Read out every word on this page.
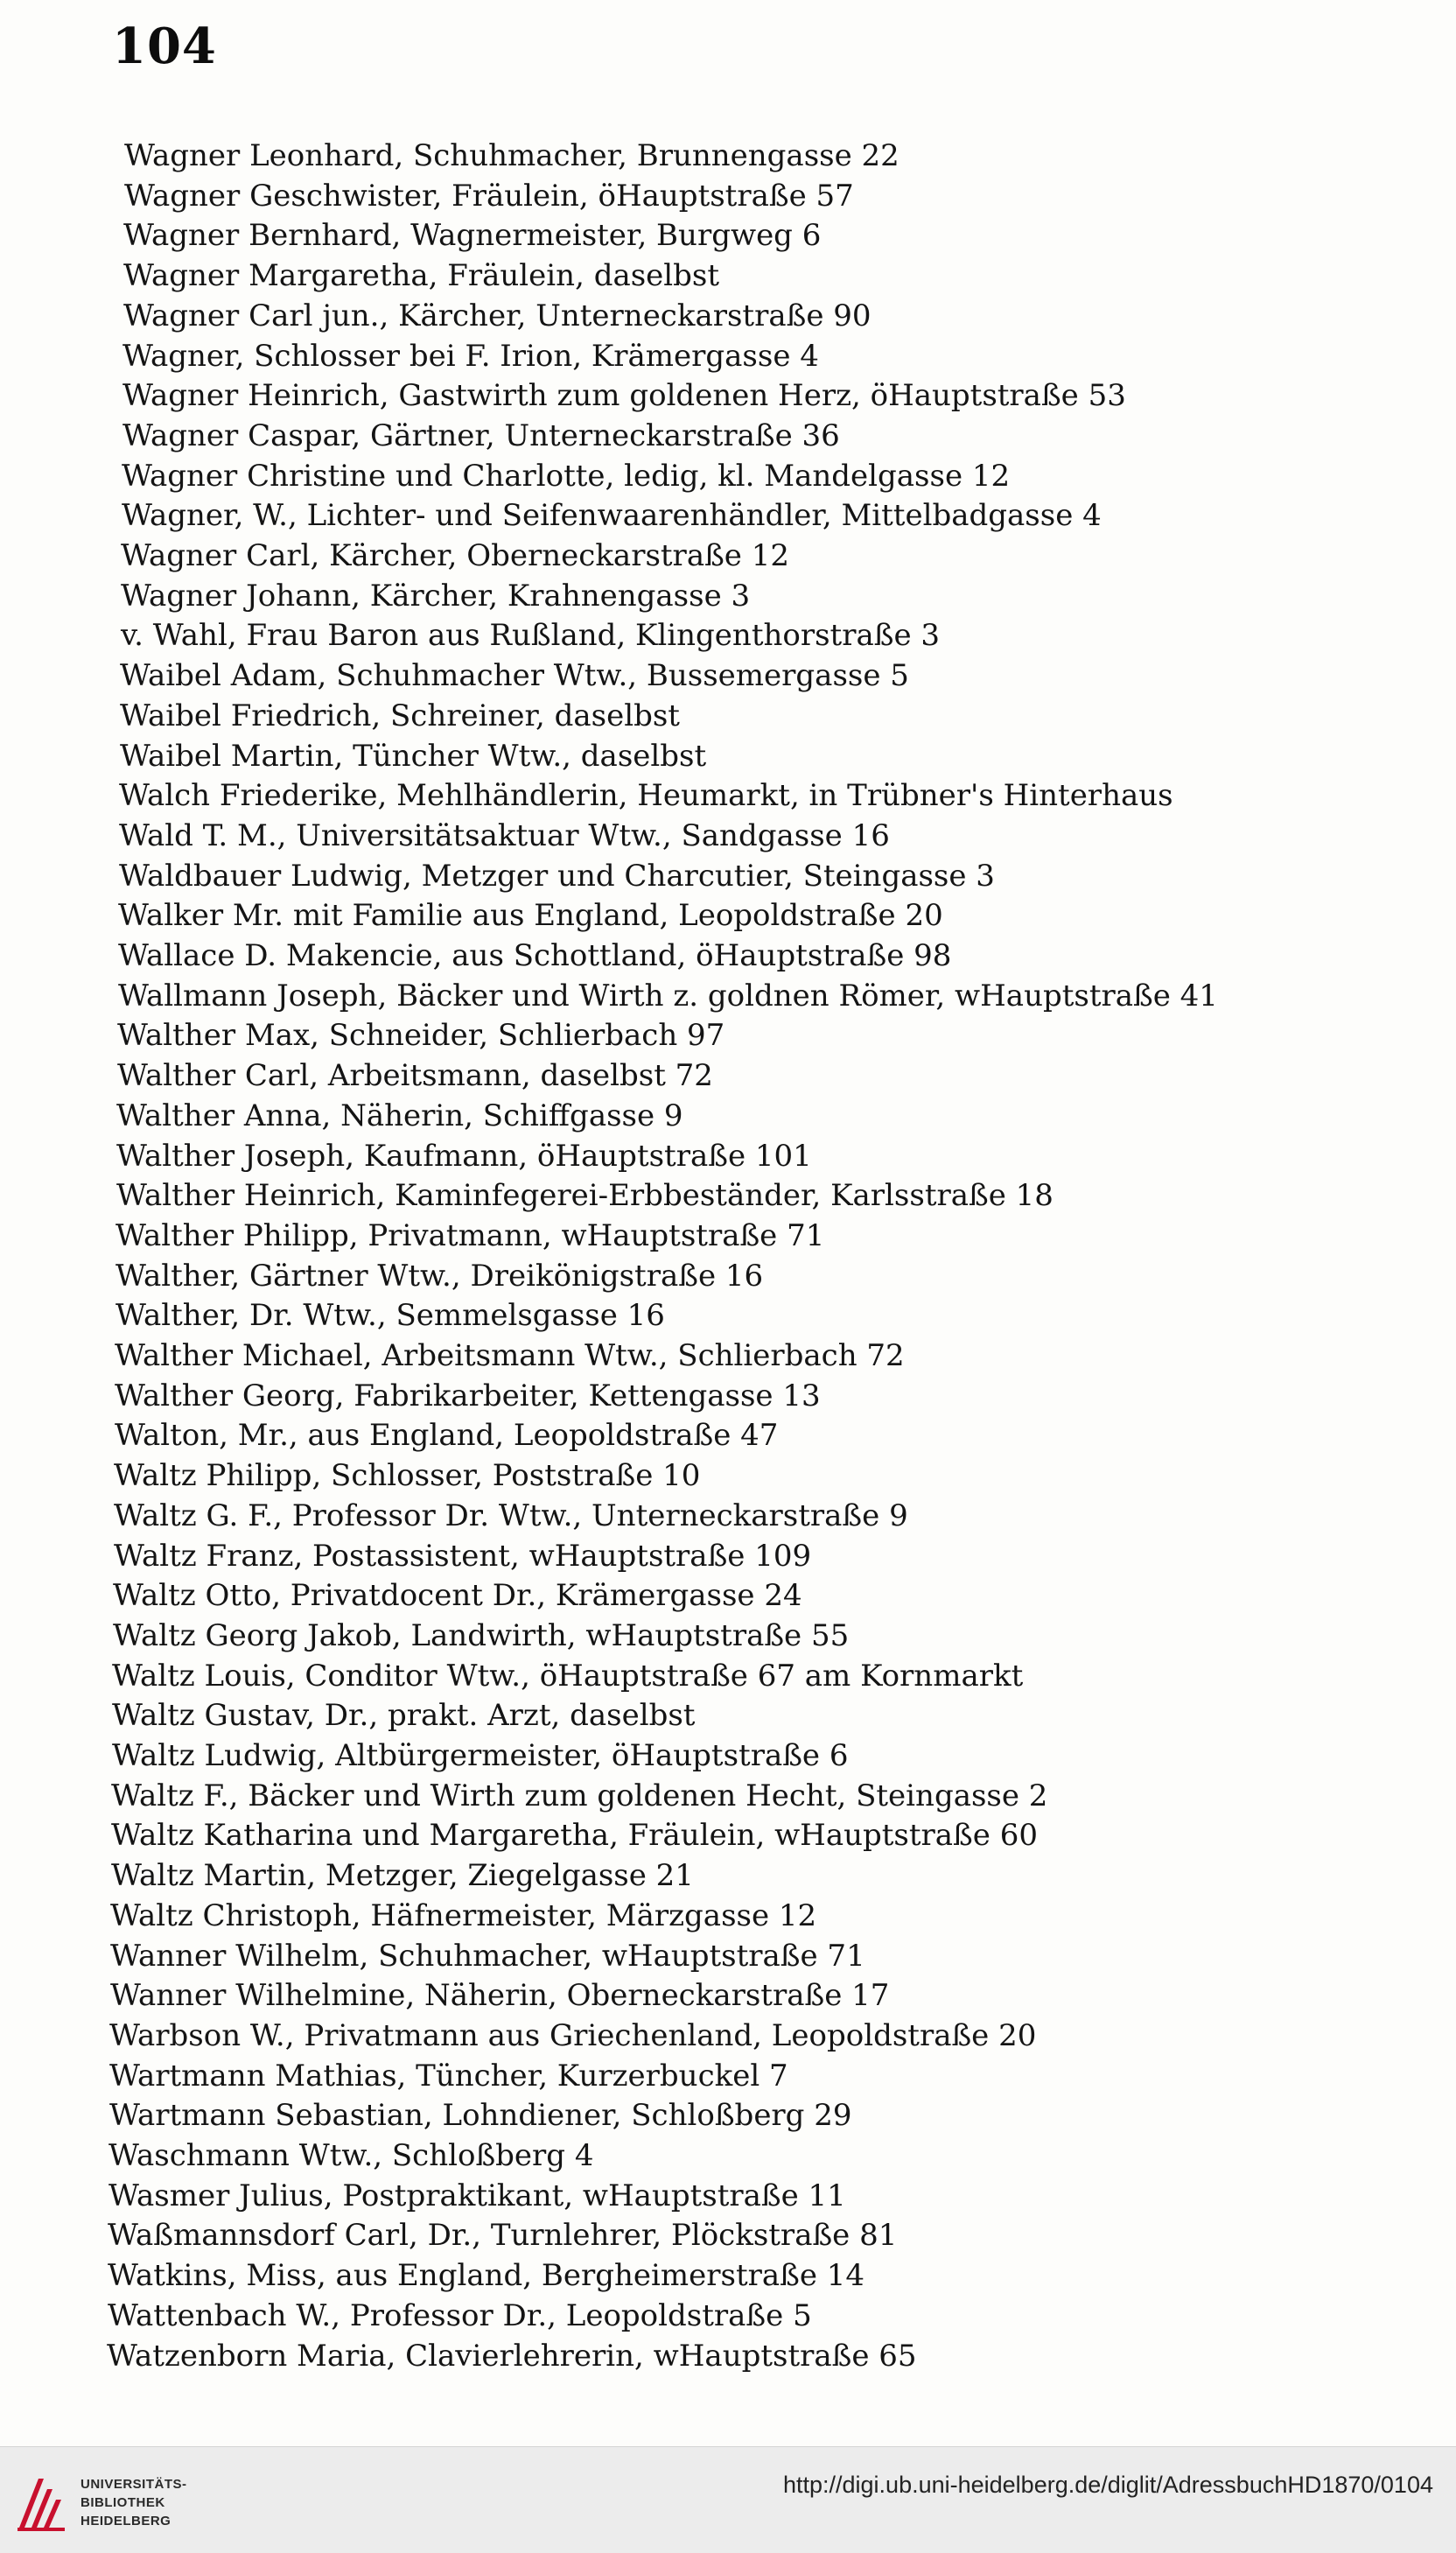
104
Wagner Leonhard, Schuhmacher, Brunnengasse 22
Wagner Geschwister, Fräulein, öHauptstraße 57
Wagner Bernhard, Wagnermeister, Burgweg 6
Wagner Margaretha, Fräulein, daselbst
Wagner Carl jun., Kärcher, Unterneckarstraße 90
Wagner, Schlosser bei F. Irion, Krämergasse 4
Wagner Heinrich, Gastwirth zum goldenen Herz, öHauptstraße 53
Wagner Caspar, Gärtner, Unterneckarstraße 36
Wagner Christine und Charlotte, ledig, kl. Mandelgasse 12
Wagner, W., Lichter- und Seifenwaarenhändler, Mittelbadgasse 4
Wagner Carl, Kärcher, Oberneckarstraße 12
Wagner Johann, Kärcher, Krahnengasse 3
v. Wahl, Frau Baron aus Rußland, Klingenthorstraße 3
Waibel Adam, Schuhmacher Wtw., Bussemergasse 5
Waibel Friedrich, Schreiner, daselbst
Waibel Martin, Tüncher Wtw., daselbst
Walch Friederike, Mehlhändlerin, Heumarkt, in Trübner's Hinterhaus
Wald T. M., Universitätsaktuar Wtw., Sandgasse 16
Waldbauer Ludwig, Metzger und Charcutier, Steingasse 3
Walker Mr. mit Familie aus England, Leopoldstraße 20
Wallace D. Makencie, aus Schottland, öHauptstraße 98
Wallmann Joseph, Bäcker und Wirth z. goldnen Römer, wHauptstraße 41
Walther Max, Schneider, Schlierbach 97
Walther Carl, Arbeitsmann, daselbst 72
Walther Anna, Näherin, Schiffgasse 9
Walther Joseph, Kaufmann, öHauptstraße 101
Walther Heinrich, Kaminfegerei-Erbbeständer, Karlsstraße 18
Walther Philipp, Privatmann, wHauptstraße 71
Walther, Gärtner Wtw., Dreikönigstraße 16
Walther, Dr. Wtw., Semmelsgasse 16
Walther Michael, Arbeitsmann Wtw., Schlierbach 72
Walther Georg, Fabrikarbeiter, Kettengasse 13
Walton, Mr., aus England, Leopoldstraße 47
Waltz Philipp, Schlosser, Poststraße 10
Waltz G. F., Professor Dr. Wtw., Unterneckarstraße 9
Waltz Franz, Postassistent, wHauptstraße 109
Waltz Otto, Privatdocent Dr., Krämergasse 24
Waltz Georg Jakob, Landwirth, wHauptstraße 55
Waltz Louis, Conditor Wtw., öHauptstraße 67 am Kornmarkt
Waltz Gustav, Dr., prakt. Arzt, daselbst
Waltz Ludwig, Altbürgermeister, öHauptstraße 6
Waltz F., Bäcker und Wirth zum goldenen Hecht, Steingasse 2
Waltz Katharina und Margaretha, Fräulein, wHauptstraße 60
Waltz Martin, Metzger, Ziegelgasse 21
Waltz Christoph, Häfnermeister, Märzgasse 12
Wanner Wilhelm, Schuhmacher, wHauptstraße 71
Wanner Wilhelmine, Näherin, Oberneckarstraße 17
Warbson W., Privatmann aus Griechenland, Leopoldstraße 20
Wartmann Mathias, Tüncher, Kurzerbuckel 7
Wartmann Sebastian, Lohndiener, Schloßberg 29
Waschmann Wtw., Schloßberg 4
Wasmer Julius, Postpraktikant, wHauptstraße 11
Waßmannsdorf Carl, Dr., Turnlehrer, Plöckstraße 81
Watkins, Miss, aus England, Bergheimerstraße 14
Wattenbach W., Professor Dr., Leopoldstraße 5
Watzenborn Maria, Clavierlehrerin, wHauptstraße 65
UNIVERSITÄTS-
BIBLIOTHEK
HEIDELBERG
http://digi.ub.uni-heidelberg.de/diglit/AdressbuchHD1870/0104
